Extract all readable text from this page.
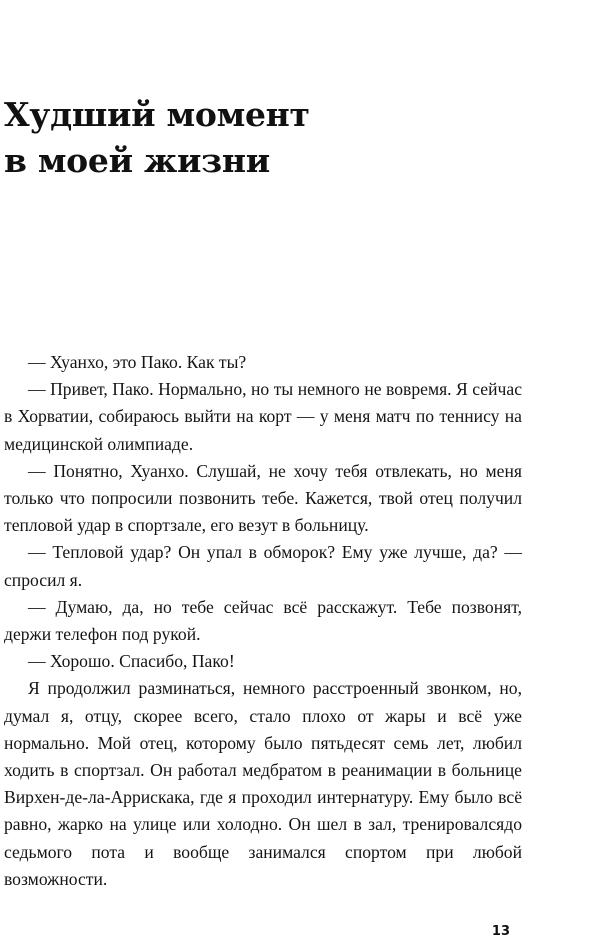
Худший момент
в моей жизни

— Хуанхо, это Пако. Как ты?

— Привет, Пако. Нормально, но ты немного не вовремя. Я сейчас в Хорватии, собираюсь выйти на корт — у меня матч по теннису на медицинской олимпиаде.

— Понятно, Хуанхо. Слушай, не хочу тебя отвлекать, но меня только что попросили позвонить тебе. Кажется, твой отец получил тепловой удар в спортзале, его везут в больницу.

— Тепловой удар? Он упал в обморок? Ему уже лучше, да? — спросил я.

— Думаю, да, но тебе сейчас всё расскажут. Тебе позвонят, держи телефон под рукой.

— Хорошо. Спасибо, Пако!

Я продолжил разминаться, немного расстроенный звонком, но, думал я, отцу, скорее всего, стало плохо от жары и всё уже нормально. Мой отец, которому было пятьдесят семь лет, любил ходить в спортзал. Он работал медбратом в реанимации в больнице Вирхен-де-ла-Аррискака, где я проходил интернатуру. Ему было всё равно, жарко на улице или холодно. Он шел в зал, тренировалсядо седьмого пота и вообще занимался спортом при любой возможности.

13
